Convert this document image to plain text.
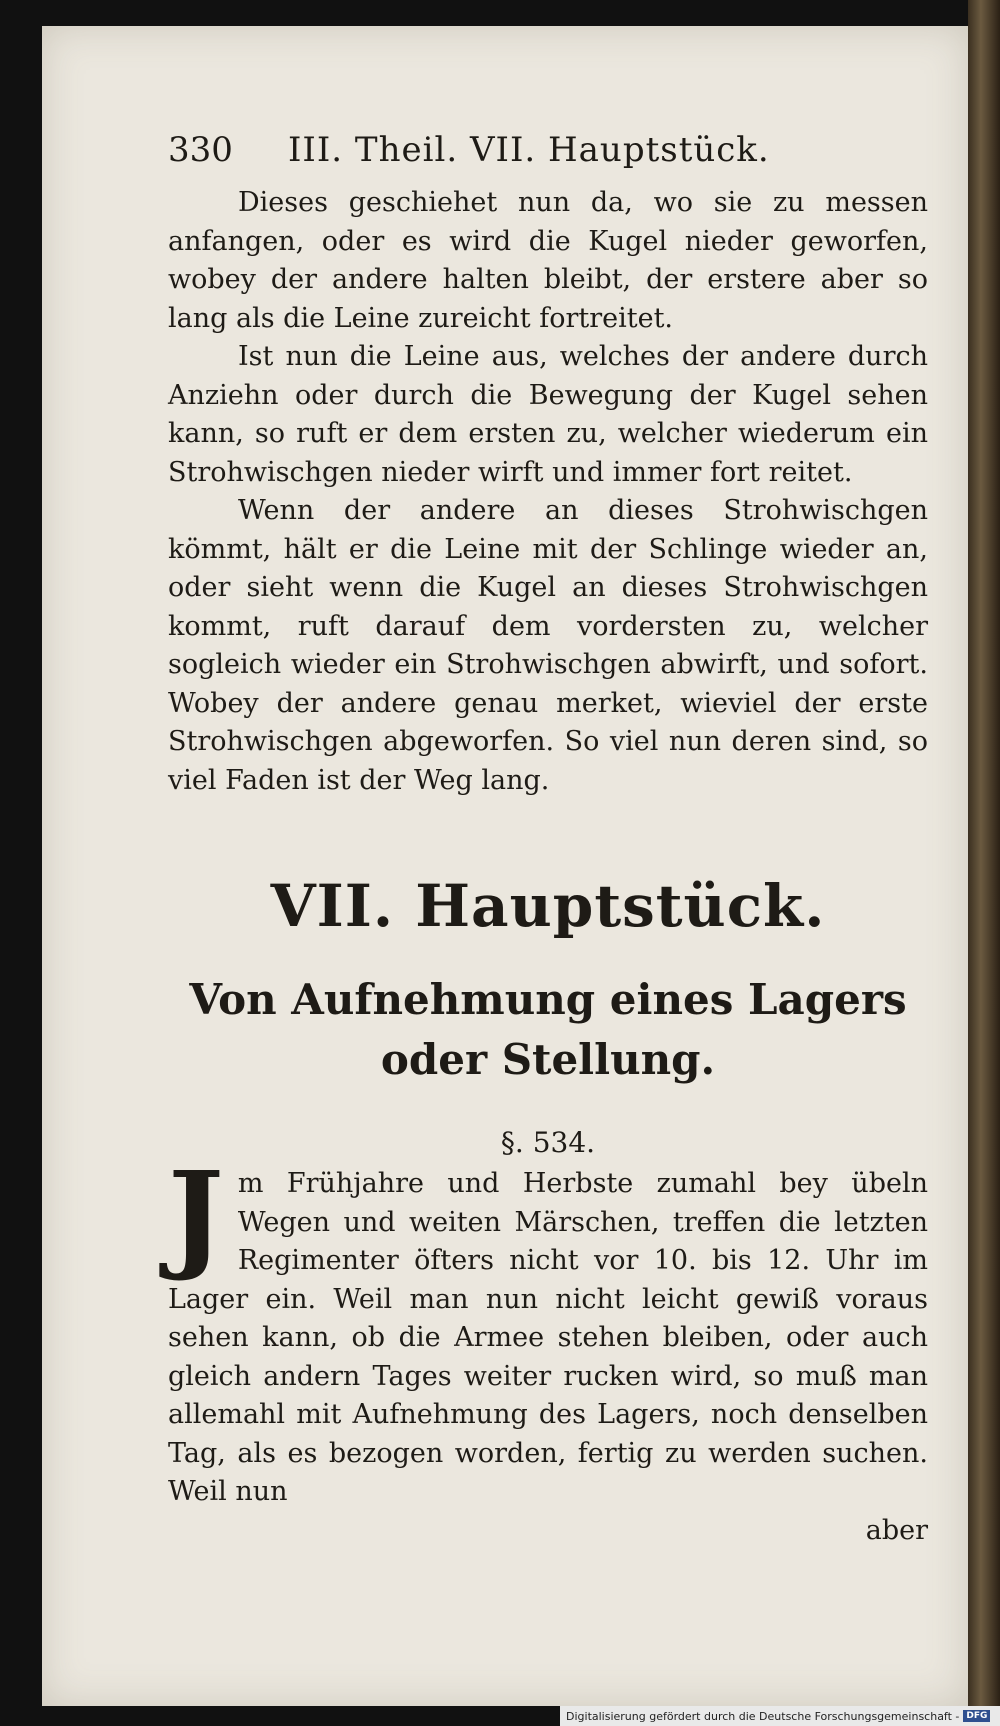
330	III. Theil. VII. Hauptstück.

Dieses geschiehet nun da, wo sie zu messen anfangen, oder es wird die Kugel nieder geworfen, wobey der andere halten bleibt, der erstere aber so lang als die Leine zureicht fortreitet.

Ist nun die Leine aus, welches der andere durch Anziehn oder durch die Bewegung der Kugel sehen kann, so ruft er dem ersten zu, welcher wiederum ein Strohwischgen nieder wirft und immer fort reitet.

Wenn der andere an dieses Strohwischgen kömmt, hält er die Leine mit der Schlinge wieder an, oder sieht wenn die Kugel an dieses Strohwischgen kommt, ruft darauf dem vordersten zu, welcher sogleich wieder ein Strohwischgen abwirft, und sofort. Wobey der andere genau merket, wieviel der erste Strohwischgen abgeworfen. So viel nun deren sind, so viel Faden ist der Weg lang.

VII. Hauptstück.
Von Aufnehmung eines Lagers oder Stellung.
§. 534.

Jm Frühjahre und Herbste zumahl bey übeln Wegen und weiten Märschen, treffen die letzten Regimenter öfters nicht vor 10. bis 12. Uhr im Lager ein. Weil man nun nicht leicht gewiß voraus sehen kann, ob die Armee stehen bleiben, oder auch gleich andern Tages weiter rucken wird, so muß man allemahl mit Aufnehmung des Lagers, noch denselben Tag, als es bezogen worden, fertig zu werden suchen. Weil nun

aber
Digitalisierung gefördert durch die Deutsche Forschungsgemeinschaft - DFG
